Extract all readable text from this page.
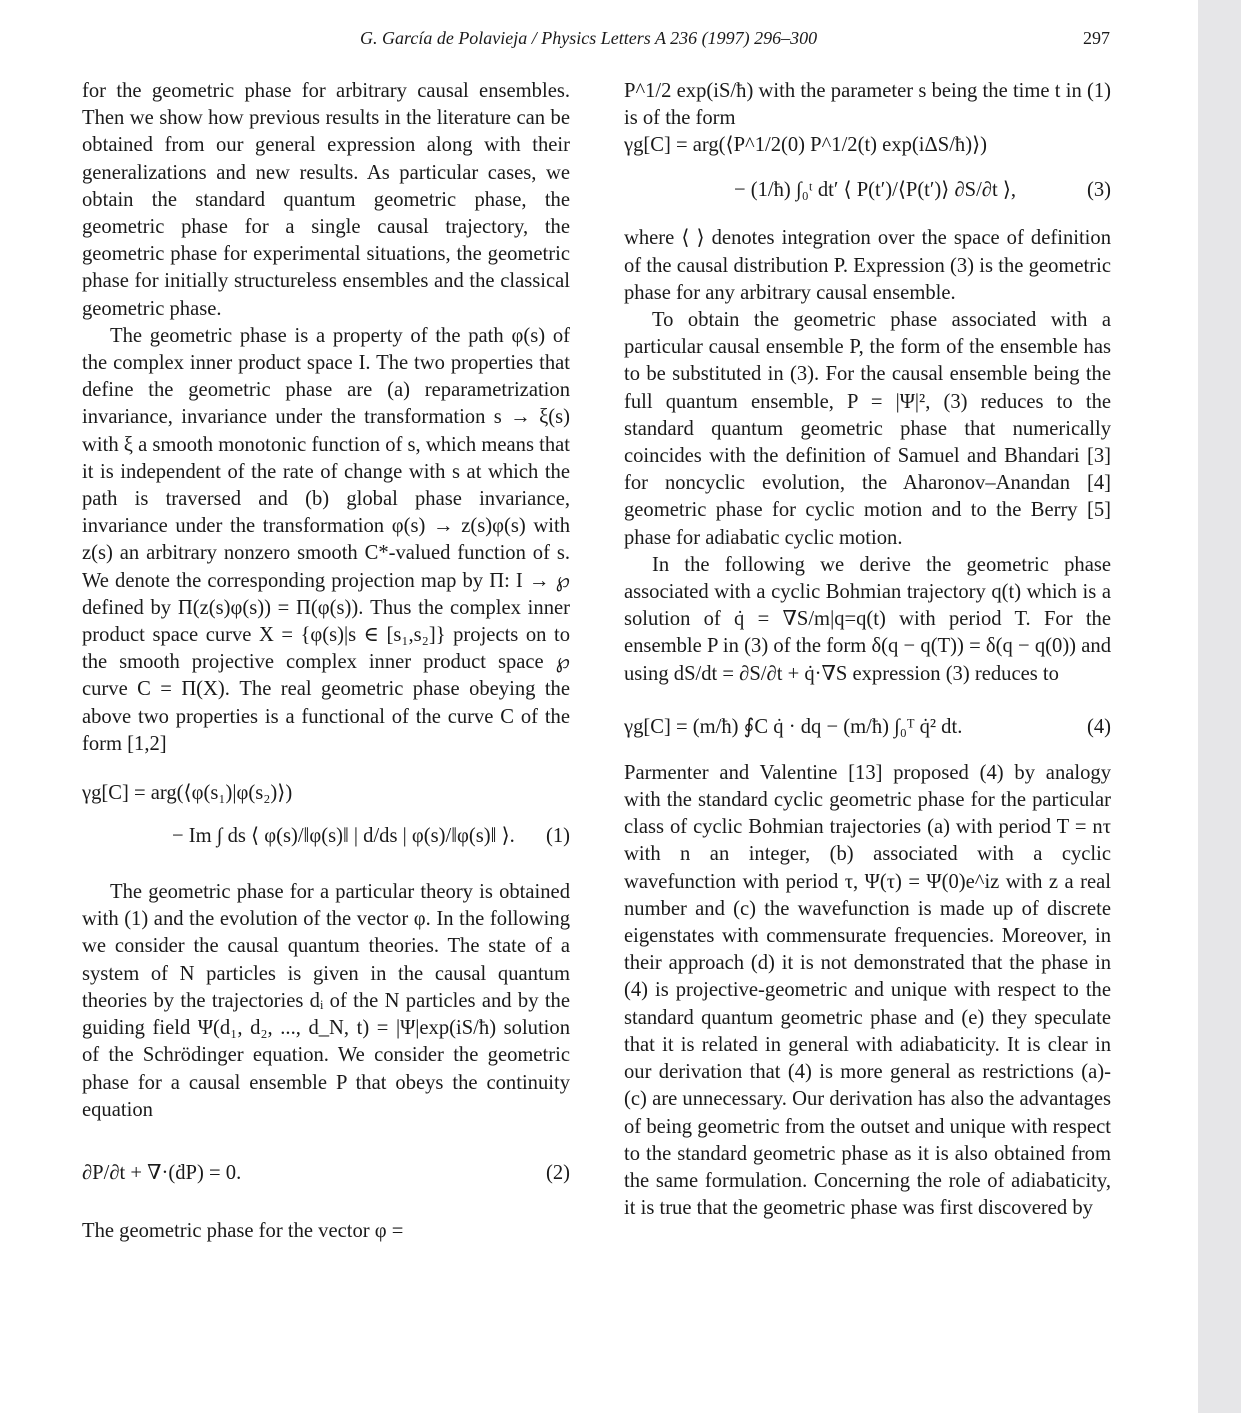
G. García de Polavieja / Physics Letters A 236 (1997) 296–300	297

for the geometric phase for arbitrary causal ensembles. Then we show how previous results in the literature can be obtained from our general expression along with their generalizations and new results. As particular cases, we obtain the standard quantum geometric phase, the geometric phase for a single causal trajectory, the geometric phase for experimental situations, the geometric phase for initially structureless ensembles and the classical geometric phase.

The geometric phase is a property of the path φ(s) of the complex inner product space I. The two properties that define the geometric phase are (a) reparametrization invariance, invariance under the transformation s → ξ(s) with ξ a smooth monotonic function of s, which means that it is independent of the rate of change with s at which the path is traversed and (b) global phase invariance, invariance under the transformation φ(s) → z(s)φ(s) with z(s) an arbitrary nonzero smooth C*-valued function of s. We denote the corresponding projection map by Π: I → ℘ defined by Π(z(s)φ(s)) = Π(φ(s)). Thus the complex inner product space curve X = {φ(s)|s ∈ [s₁,s₂]} projects on to the smooth projective complex inner product space ℘ curve C = Π(X). The real geometric phase obeying the above two properties is a functional of the curve C of the form [1,2]

γg[C] = arg(⟨φ(s₁)|φ(s₂)⟩)
− Im ∫ ds ⟨ φ(s)/‖φ(s)‖ | d/ds | φ(s)/‖φ(s)‖ ⟩. (1)

The geometric phase for a particular theory is obtained with (1) and the evolution of the vector φ. In the following we consider the causal quantum theories. The state of a system of N particles is given in the causal quantum theories by the trajectories dᵢ of the N particles and by the guiding field Ψ(d₁, d₂, ..., d_N, t) = |Ψ|exp(iS/ħ) solution of the Schrödinger equation. We consider the geometric phase for a causal ensemble P that obeys the continuity equation

∂P/∂t + ∇·(ḋP) = 0.	(2)

The geometric phase for the vector φ =

P^1/2 exp(iS/ħ) with the parameter s being the time t in (1) is of the form

γg[C] = arg(⟨P^1/2(0) P^1/2(t) exp(iΔS/ħ)⟩)
− (1/ħ) ∫₀ᵗ dt′ ⟨ P(t′)/⟨P(t′)⟩ ∂S/∂t ⟩,	(3)

where ⟨ ⟩ denotes integration over the space of definition of the causal distribution P. Expression (3) is the geometric phase for any arbitrary causal ensemble.

To obtain the geometric phase associated with a particular causal ensemble P, the form of the ensemble has to be substituted in (3). For the causal ensemble being the full quantum ensemble, P = |Ψ|², (3) reduces to the standard quantum geometric phase that numerically coincides with the definition of Samuel and Bhandari [3] for noncyclic evolution, the Aharonov–Anandan [4] geometric phase for cyclic motion and to the Berry [5] phase for adiabatic cyclic motion.

In the following we derive the geometric phase associated with a cyclic Bohmian trajectory q(t) which is a solution of q̇ = ∇S/m|q=q(t) with period T. For the ensemble P in (3) of the form δ(q − q(T)) = δ(q − q(0)) and using dS/dt = ∂S/∂t + q̇·∇S expression (3) reduces to

γg[C] = (m/ħ) ∮C q̇ · dq − (m/ħ) ∫₀ᵀ q̇² dt.	(4)

Parmenter and Valentine [13] proposed (4) by analogy with the standard cyclic geometric phase for the particular class of cyclic Bohmian trajectories (a) with period T = nτ with n an integer, (b) associated with a cyclic wavefunction with period τ, Ψ(τ) = Ψ(0)e^iz with z a real number and (c) the wavefunction is made up of discrete eigenstates with commensurate frequencies. Moreover, in their approach (d) it is not demonstrated that the phase in (4) is projective-geometric and unique with respect to the standard quantum geometric phase and (e) they speculate that it is related in general with adiabaticity. It is clear in our derivation that (4) is more general as restrictions (a)-(c) are unnecessary. Our derivation has also the advantages of being geometric from the outset and unique with respect to the standard geometric phase as it is also obtained from the same formulation. Concerning the role of adiabaticity, it is true that the geometric phase was first discovered by
